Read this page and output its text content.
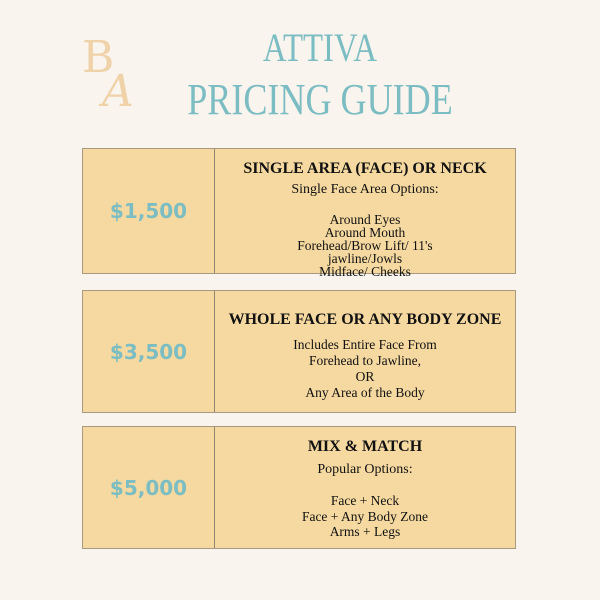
B
A
ATTIVA
PRICING GUIDE
$1,500
SINGLE AREA (FACE) OR NECK
Single Face Area Options:
Around Eyes
Around Mouth
Forehead/Brow Lift/ 11's
jawline/Jowls
Midface/ Cheeks
$3,500
WHOLE FACE OR ANY BODY ZONE
Includes Entire Face From
Forehead to Jawline,
OR
Any Area of the Body
$5,000
MIX & MATCH
Popular Options:
Face + Neck
Face + Any Body Zone
Arms + Legs
